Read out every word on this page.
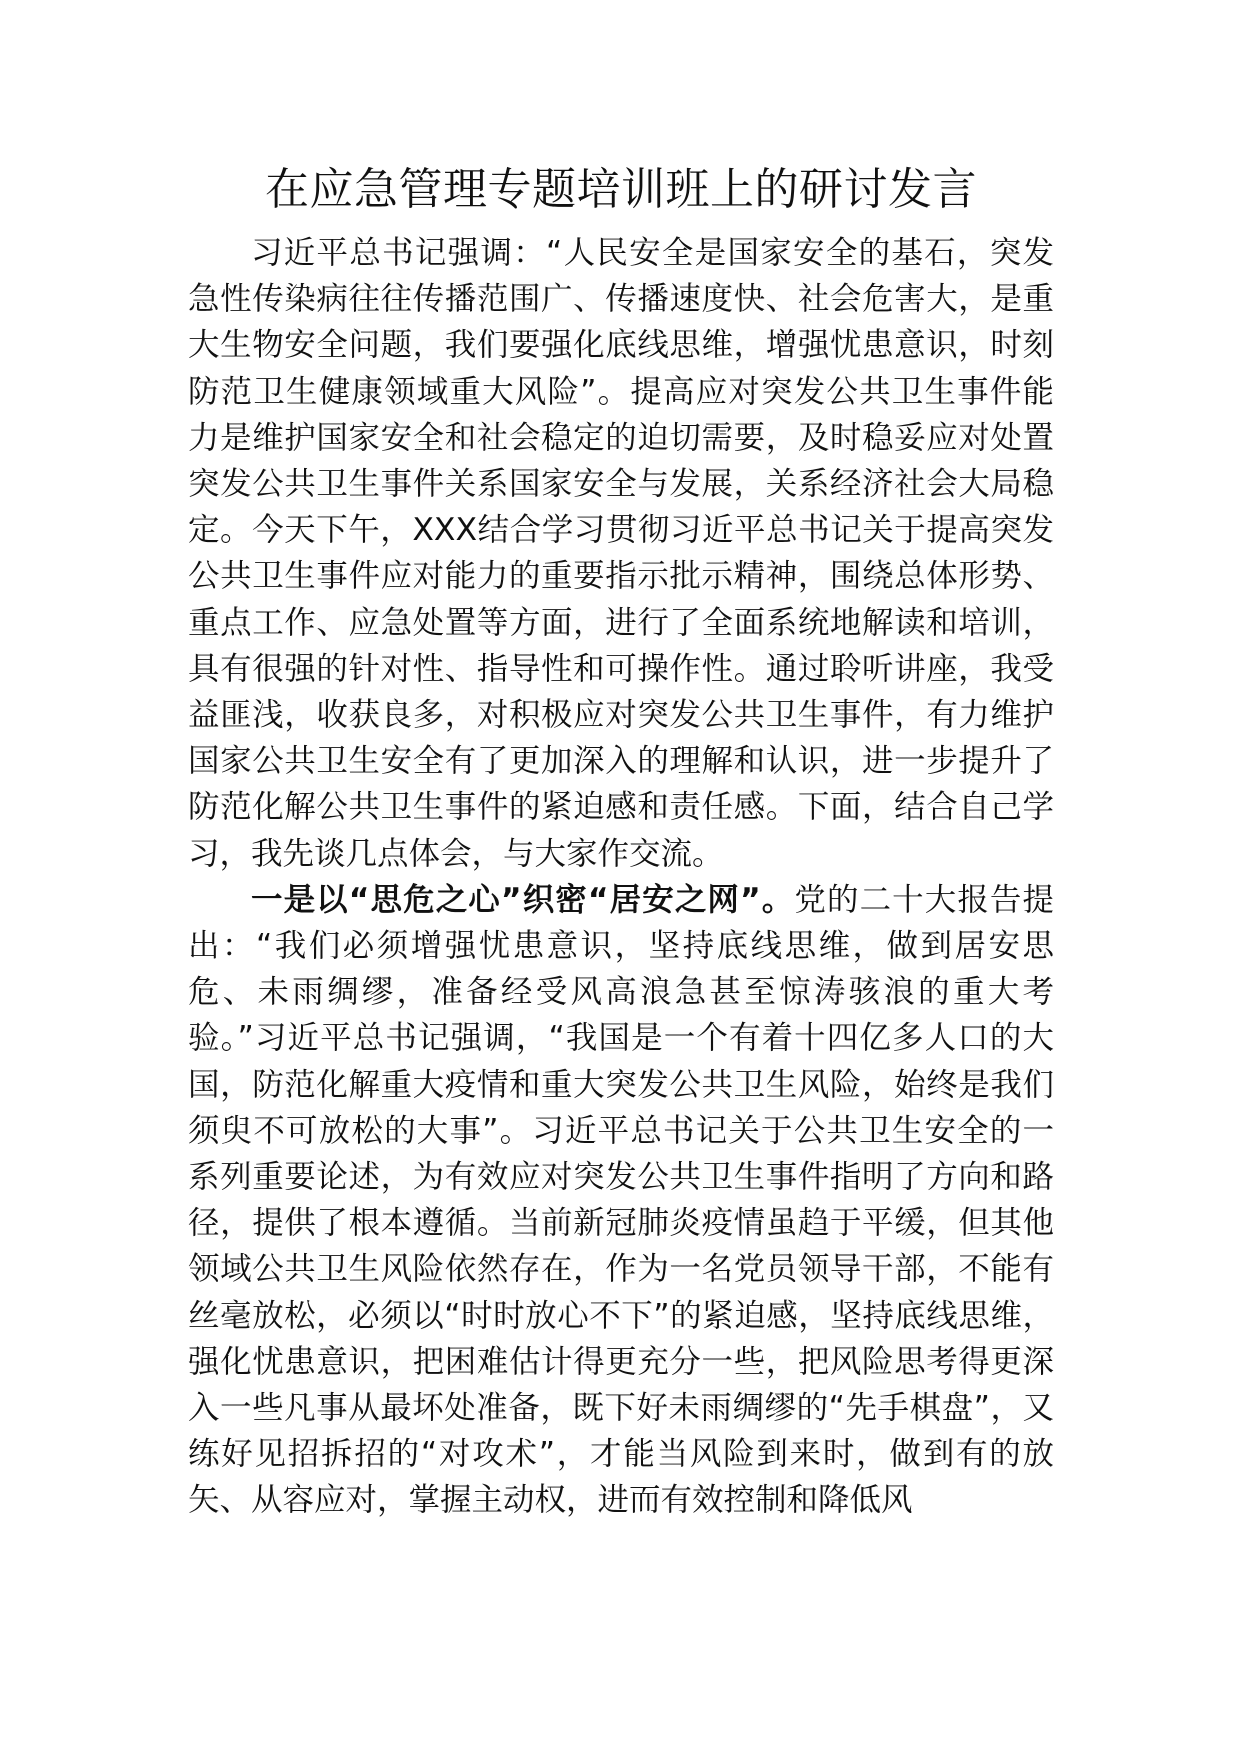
在应急管理专题培训班上的研讨发言

习近平总书记强调：“人民安全是国家安全的基石，突发急性传染病往往传播范围广、传播速度快、社会危害大，是重大生物安全问题，我们要强化底线思维，增强忧患意识，时刻防范卫生健康领域重大风险”。提高应对突发公共卫生事件能力是维护国家安全和社会稳定的迫切需要，及时稳妥应对处置突发公共卫生事件关系国家安全与发展，关系经济社会大局稳定。今天下午，XXX结合学习贯彻习近平总书记关于提高突发公共卫生事件应对能力的重要指示批示精神，围绕总体形势、重点工作、应急处置等方面，进行了全面系统地解读和培训，具有很强的针对性、指导性和可操作性。通过聆听讲座，我受益匪浅，收获良多，对积极应对突发公共卫生事件，有力维护国家公共卫生安全有了更加深入的理解和认识，进一步提升了防范化解公共卫生事件的紧迫感和责任感。下面，结合自己学习，我先谈几点体会，与大家作交流。

一是以“思危之心”织密“居安之网”。党的二十大报告提出：“我们必须增强忧患意识，坚持底线思维，做到居安思危、未雨绸缪，准备经受风高浪急甚至惊涛骇浪的重大考验。”习近平总书记强调，“我国是一个有着十四亿多人口的大国，防范化解重大疫情和重大突发公共卫生风险，始终是我们须臾不可放松的大事”。习近平总书记关于公共卫生安全的一系列重要论述，为有效应对突发公共卫生事件指明了方向和路径，提供了根本遵循。当前新冠肺炎疫情虽趋于平缓，但其他领域公共卫生风险依然存在，作为一名党员领导干部，不能有丝毫放松，必须以“时时放心不下”的紧迫感，坚持底线思维，强化忧患意识，把困难估计得更充分一些，把风险思考得更深入一些凡事从最坏处准备，既下好未雨绸缪的“先手棋盘”，又练好见招拆招的“对攻术”，才能当风险到来时，做到有的放矢、从容应对，掌握主动权，进而有效控制和降低风
